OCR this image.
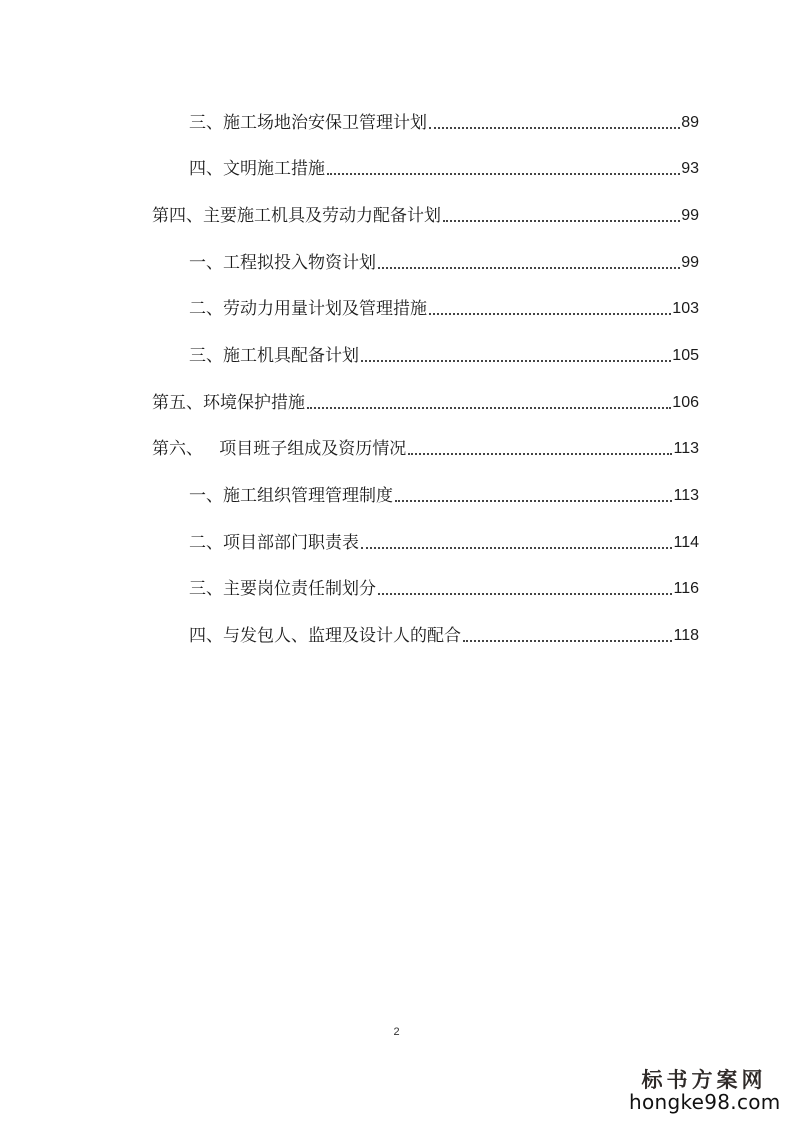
三、施工场地治安保卫管理计划	89
四、文明施工措施	93
第四、主要施工机具及劳动力配备计划	99
一、工程拟投入物资计划	99
二、劳动力用量计划及管理措施	103
三、施工机具配备计划	105
第五、环境保护措施	106
第六、   项目班子组成及资历情况	113
一、施工组织管理管理制度	113
二、项目部部门职责表	114
三、主要岗位责任制划分	116
四、与发包人、监理及设计人的配合	118
2
标书方案网
hongke98.com
